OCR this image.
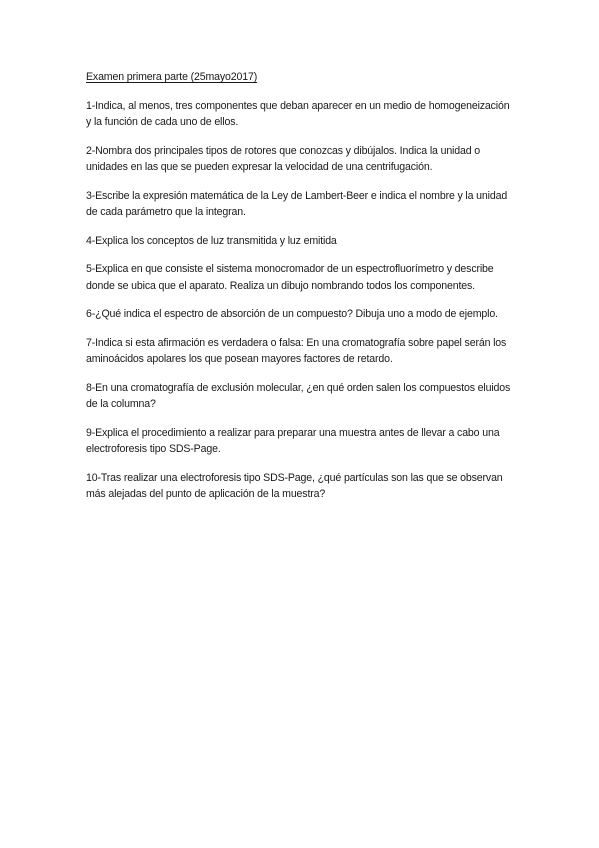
Examen primera parte (25mayo2017)

1-Indica, al menos, tres componentes que deban aparecer en un medio de homogeneización y la función de cada uno de ellos.

2-Nombra dos principales tipos de rotores que conozcas y dibújalos. Indica la unidad o unidades en las que se pueden expresar la velocidad de una centrifugación.

3-Escribe la expresión matemática de la Ley de Lambert-Beer e indica el nombre y la unidad de cada parámetro que la integran.

4-Explica los conceptos de luz transmitida y luz emitida

5-Explica en que consiste el sistema monocromador de un espectrofluorímetro y describe donde se ubica que el aparato. Realiza un dibujo nombrando todos los componentes.

6-¿Qué indica el espectro de absorción de un compuesto? Dibuja uno a modo de ejemplo.

7-Indica si esta afirmación es verdadera o falsa: En una cromatografía sobre papel serán los aminoácidos apolares los que posean mayores factores de retardo.

8-En una cromatografía de exclusión molecular, ¿en qué orden salen los compuestos eluidos de la columna?

9-Explica el procedimiento a realizar para preparar una muestra antes de llevar a cabo una electroforesis tipo SDS-Page.

10-Tras realizar una electroforesis tipo SDS-Page, ¿qué partículas son las que se observan más alejadas del punto de aplicación de la muestra?
